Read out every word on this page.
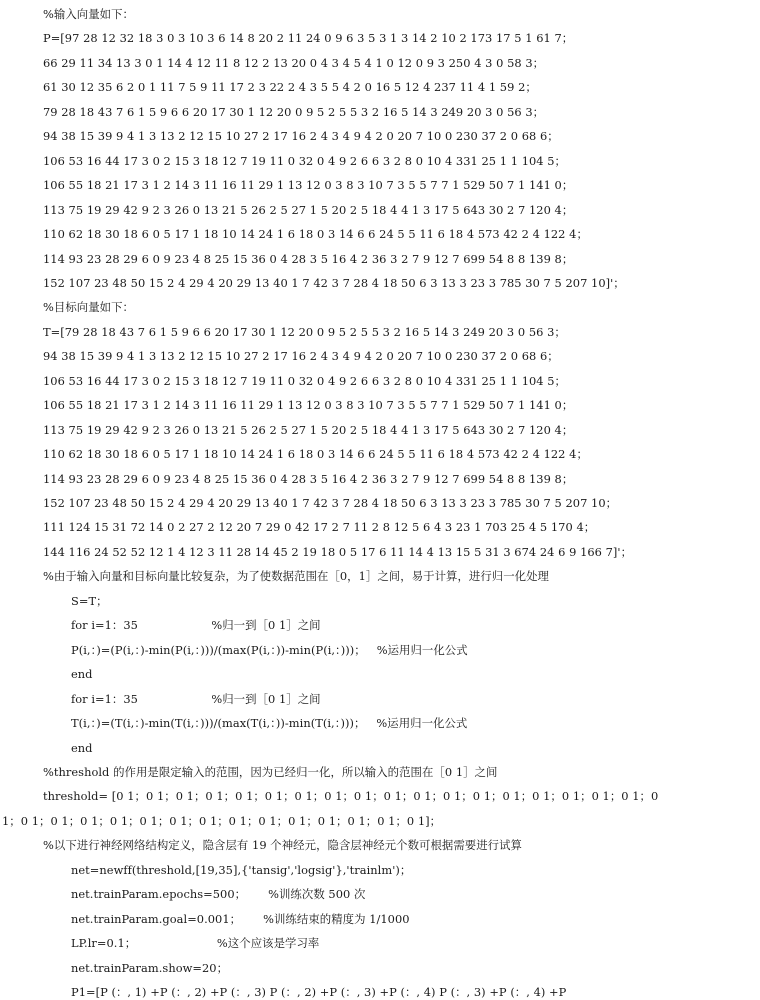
%输入向量如下：
P=[97 28 12 32 18 3 0 3 10 3 6 14 8 20 2 11 24 0 9 6 3 5 3 1 3 14 2 10 2 173 17 5 1 61 7；
66 29 11 34 13 3 0 1 14 4 12 11 8 12 2 13 20 0 4 3 4 5 4 1 0 12 0 9 3 250 4 3 0 58 3；
61 30 12 35 6 2 0 1 11 7 5 9 11 17 2 3 22 2 4 3 5 5 4 2 0 16 5 12 4 237 11 4 1 59 2；
79 28 18 43 7 6 1 5 9 6 6 20 17 30 1 12 20 0 9 5 2 5 5 3 2 16 5 14 3 249 20 3 0 56 3；
94 38 15 39 9 4 1 3 13 2 12 15 10 27 2 17 16 2 4 3 4 9 4 2 0 20 7 10 0 230 37 2 0 68 6；
106 53 16 44 17 3 0 2 15 3 18 12 7 19 11 0 32 0 4 9 2 6 6 3 2 8 0 10 4 331 25 1 1 104 5；
106 55 18 21 17 3 1 2 14 3 11 16 11 29 1 13 12 0 3 8 3 10 7 3 5 5 7 7 1 529 50 7 1 141 0；
113 75 19 29 42 9 2 3 26 0 13 21 5 26 2 5 27 1 5 20 2 5 18 4 4 1 3 17 5 643 30 2 7 120 4；
110 62 18 30 18 6 0 5 17 1 18 10 14 24 1 6 18 0 3 14 6 6 24 5 5 11 6 18 4 573 42 2 4 122 4；
114 93 23 28 29 6 0 9 23 4 8 25 15 36 0 4 28 3 5 16 4 2 36 3 2 7 9 12 7 699 54 8 8 139 8；
152 107 23 48 50 15 2 4 29 4 20 29 13 40 1 7 42 3 7 28 4 18 50 6 3 13 3 23 3 785 30 7 5 207 10]'；
%目标向量如下：
T=[79 28 18 43 7 6 1 5 9 6 6 20 17 30 1 12 20 0 9 5 2 5 5 3 2 16 5 14 3 249 20 3 0 56 3；
94 38 15 39 9 4 1 3 13 2 12 15 10 27 2 17 16 2 4 3 4 9 4 2 0 20 7 10 0 230 37 2 0 68 6；
106 53 16 44 17 3 0 2 15 3 18 12 7 19 11 0 32 0 4 9 2 6 6 3 2 8 0 10 4 331 25 1 1 104 5；
106 55 18 21 17 3 1 2 14 3 11 16 11 29 1 13 12 0 3 8 3 10 7 3 5 5 7 7 1 529 50 7 1 141 0；
113 75 19 29 42 9 2 3 26 0 13 21 5 26 2 5 27 1 5 20 2 5 18 4 4 1 3 17 5 643 30 2 7 120 4；
110 62 18 30 18 6 0 5 17 1 18 10 14 24 1 6 18 0 3 14 6 6 24 5 5 11 6 18 4 573 42 2 4 122 4；
114 93 23 28 29 6 0 9 23 4 8 25 15 36 0 4 28 3 5 16 4 2 36 3 2 7 9 12 7 699 54 8 8 139 8；
152 107 23 48 50 15 2 4 29 4 20 29 13 40 1 7 42 3 7 28 4 18 50 6 3 13 3 23 3 785 30 7 5 207 10；
111 124 15 31 72 14 0 2 27 2 12 20 7 29 0 42 17 2 7 11 2 8 12 5 6 4 3 23 1 703 25 4 5 170 4；
144 116 24 52 52 12 1 4 12 3 11 28 14 45 2 19 18 0 5 17 6 11 14 4 13 15 5 31 3 674 24 6 9 166 7]'；
%由于输入向量和目标向量比较复杂，为了使数据范围在［0，1］之间，易于计算，进行归一化处理
S=T；
for i=1：35                    %归一到［0 1］之间
P(i,：)=(P(i,：)-min(P(i,：)))/(max(P(i,：))-min(P(i,：)))；   %运用归一化公式
end
for i=1：35                    %归一到［0 1］之间
T(i,：)=(T(i,：)-min(T(i,：)))/(max(T(i,：))-min(T(i,：)))；   %运用归一化公式
end
%threshold 的作用是限定输入的范围，因为已经归一化，所以输入的范围在［0 1］之间
threshold= [0 1；0 1；0 1；0 1；0 1；0 1；0 1；0 1；0 1；0 1；0 1；0 1；0 1；0 1；0 1；0 1；0 1；0 1；0
1；0 1；0 1；0 1；0 1；0 1；0 1；0 1；0 1；0 1；0 1；0 1；0 1；0 1；0 1]；
%以下进行神经网络结构定义，隐含层有 19 个神经元，隐含层神经元个数可根据需要进行试算
net=newff(threshold,[19,35],{'tansig','logsig'},'trainlm')；
net.trainParam.epochs=500；      %训练次数 500 次
net.trainParam.goal=0.001；      %训练结束的精度为 1/1000
LP.lr=0.1；                      %这个应该是学习率
net.trainParam.show=20；
P1=[P (：, 1) +P (：, 2) +P (：, 3) P (：, 2) +P (：, 3) +P (：, 4) P (：, 3) +P (：, 4) +P
